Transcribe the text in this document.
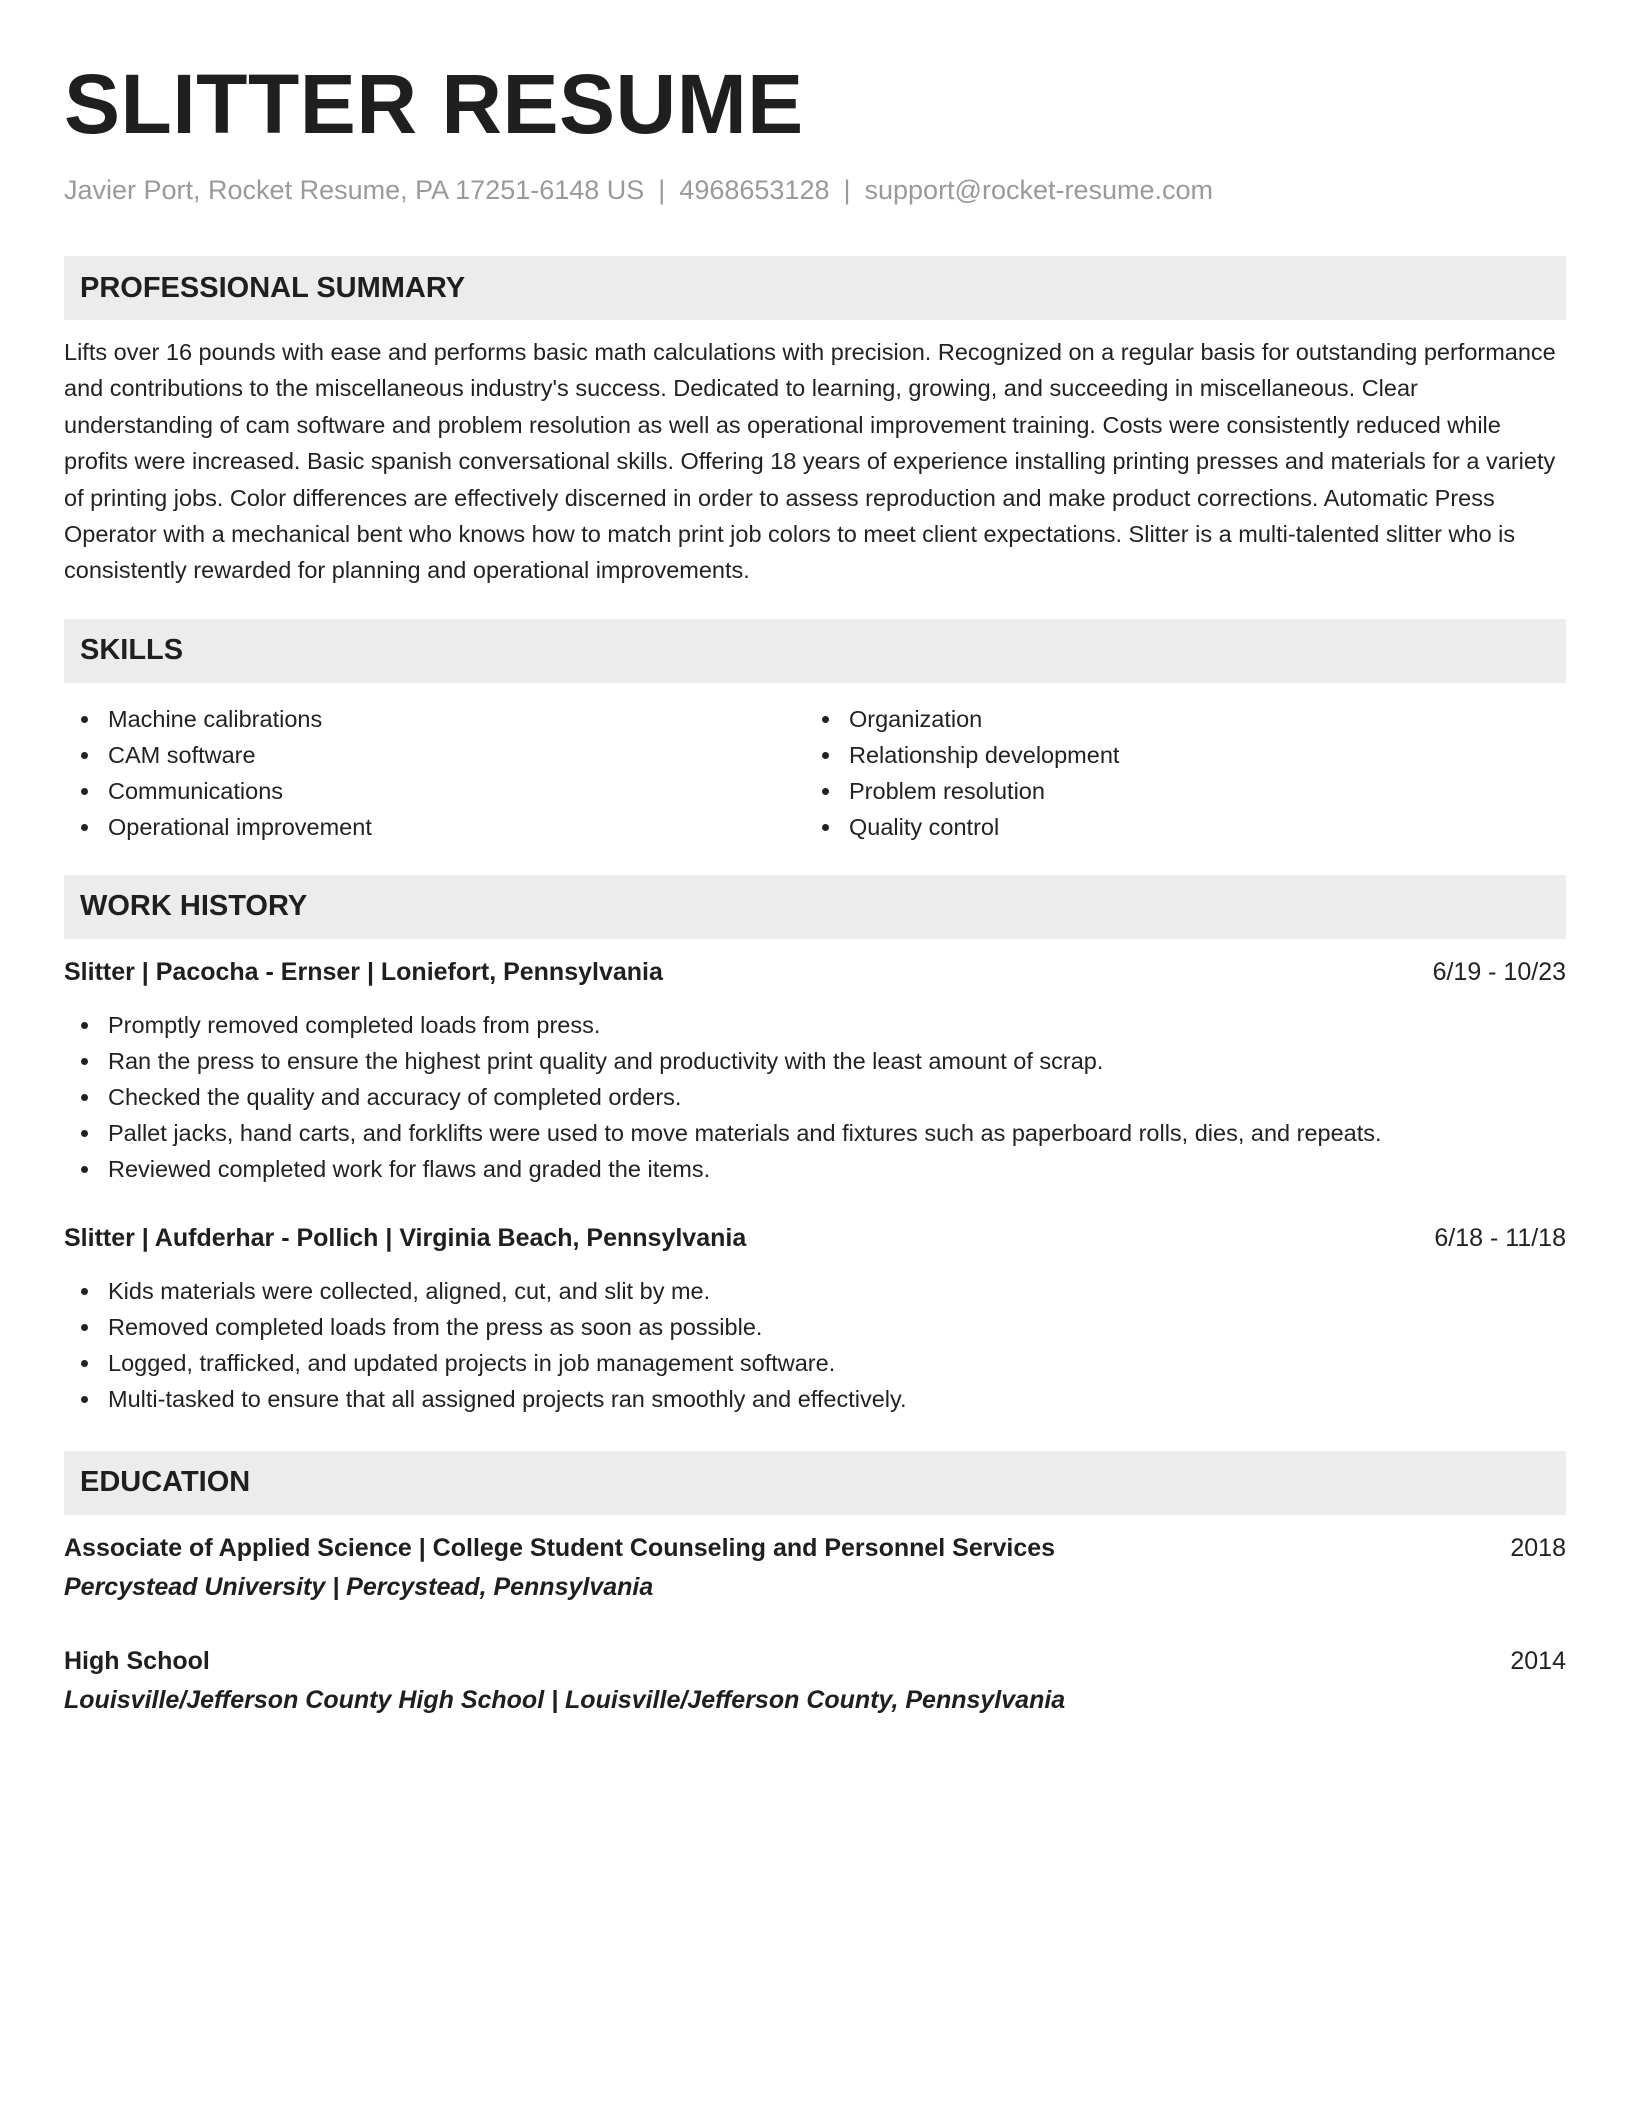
SLITTER RESUME
Javier Port, Rocket Resume, PA 17251-6148 US | 4968653128 | support@rocket-resume.com
PROFESSIONAL SUMMARY
Lifts over 16 pounds with ease and performs basic math calculations with precision. Recognized on a regular basis for outstanding performance and contributions to the miscellaneous industry's success. Dedicated to learning, growing, and succeeding in miscellaneous. Clear understanding of cam software and problem resolution as well as operational improvement training. Costs were consistently reduced while profits were increased. Basic spanish conversational skills. Offering 18 years of experience installing printing presses and materials for a variety of printing jobs. Color differences are effectively discerned in order to assess reproduction and make product corrections. Automatic Press Operator with a mechanical bent who knows how to match print job colors to meet client expectations. Slitter is a multi-talented slitter who is consistently rewarded for planning and operational improvements.
SKILLS
Machine calibrations
CAM software
Communications
Operational improvement
Organization
Relationship development
Problem resolution
Quality control
WORK HISTORY
Slitter | Pacocha - Ernser | Loniefort, Pennsylvania	6/19 - 10/23
Promptly removed completed loads from press.
Ran the press to ensure the highest print quality and productivity with the least amount of scrap.
Checked the quality and accuracy of completed orders.
Pallet jacks, hand carts, and forklifts were used to move materials and fixtures such as paperboard rolls, dies, and repeats.
Reviewed completed work for flaws and graded the items.
Slitter | Aufderhar - Pollich | Virginia Beach, Pennsylvania	6/18 - 11/18
Kids materials were collected, aligned, cut, and slit by me.
Removed completed loads from the press as soon as possible.
Logged, trafficked, and updated projects in job management software.
Multi-tasked to ensure that all assigned projects ran smoothly and effectively.
EDUCATION
Associate of Applied Science | College Student Counseling and Personnel Services	2018
Percystead University | Percystead, Pennsylvania
High School	2014
Louisville/Jefferson County High School | Louisville/Jefferson County, Pennsylvania
